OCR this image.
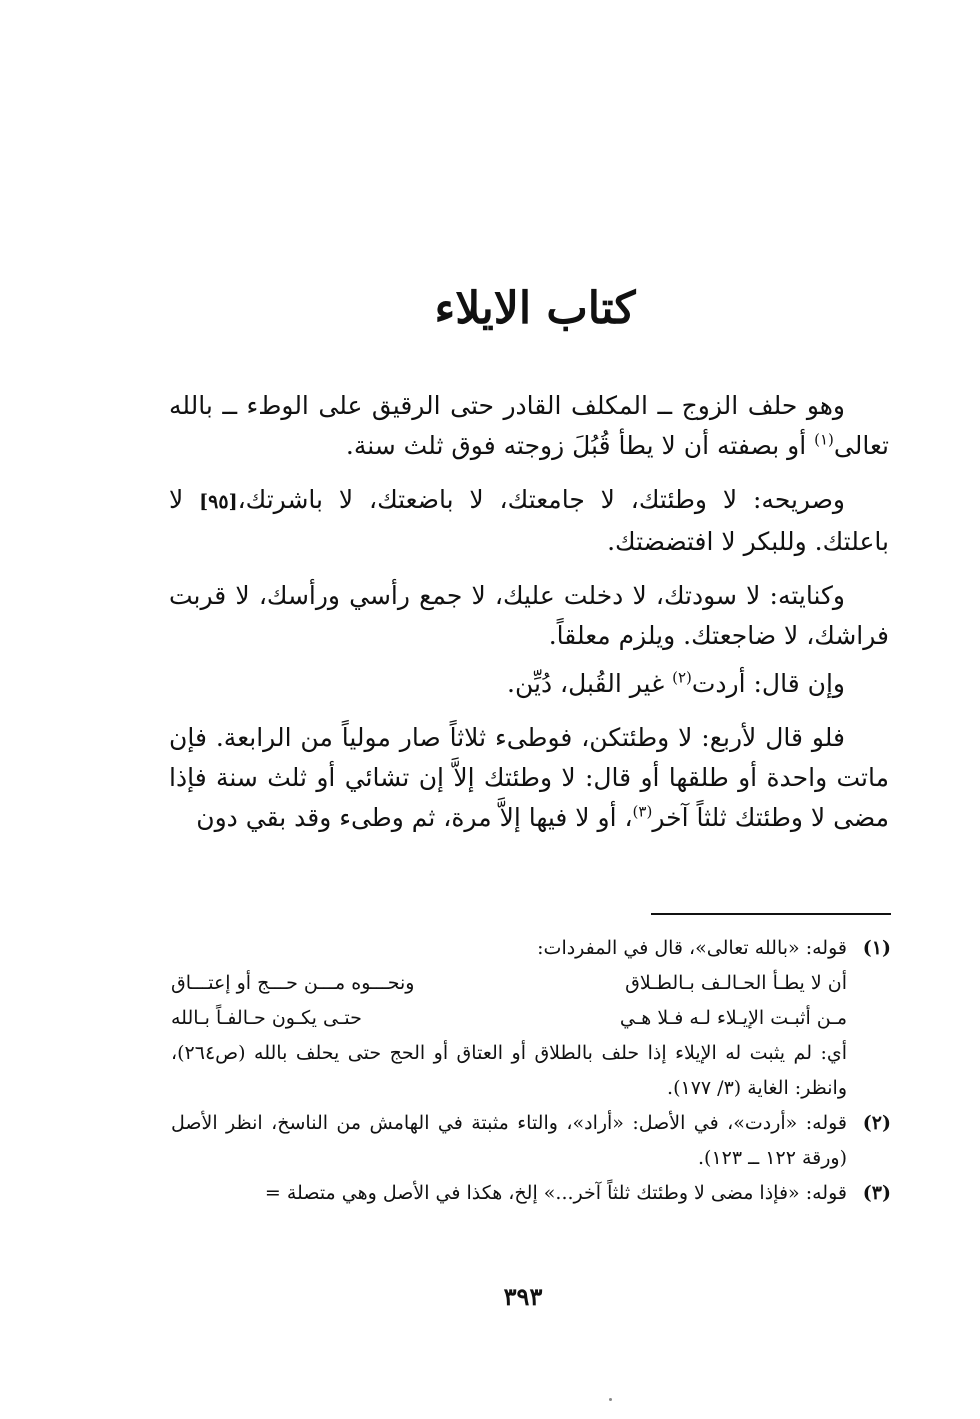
كتاب الايلاء

وهو حلف الزوج ــ المكلف القادر حتى الرقيق على الوطء ــ بالله تعالى$^{(١)}$ أو بصفته أن لا يطأ قُبُلَ زوجته فوق ثلث سنة.

وصريحه: لا وطئتك، لا جامعتك، لا باضعتك، لا باشرتك،[٩٥] لا باعلتك. وللبكر لا افتضضتك.

وكنايته: لا سودتك، لا دخلت عليك، لا جمع رأسي ورأسك، لا قربت فراشك، لا ضاجعتك. ويلزم معلقاً.

وإن قال: أردت$^{(٢)}$ غير القُبل، دُيِّن.

فلو قال لأربع: لا وطئتكن، فوطىء ثلاثاً صار مولياً من الرابعة. فإن ماتت واحدة أو طلقها أو قال: لا وطئتك إلاَّ إن تشائي أو ثلث سنة فإذا مضى لا وطئتك ثلثاً آخر$^{(٣)}$، أو لا فيها إلاَّ مرة، ثم وطىء وقد بقي دون

(١)
قوله: «بالله تعالى»، قال في المفردات:
أن لا يطـأ الحـالـف بـالطـلاق
ونحـــوه مـــن حـــج أو إعتـــاق
مـن أثبـت الإيـلاء لـه فـلا هـي
حتـى يكـون حـالفـاً بـالله
أي: لم يثبت له الإيلاء إذا حلف بالطلاق أو العتاق أو الحج حتى يحلف بالله (ص٢٦٤)، وانظر: الغاية (٣/ ١٧٧).
(٢)
قوله: «أردت»، في الأصل: «أراد»، والتاء مثبتة في الهامش من الناسخ، انظر الأصل (ورقة ١٢٢ ــ ١٢٣).
(٣)
قوله: «فإذا مضى لا وطئتك ثلثاً آخر...» إلخ، هكذا في الأصل وهي متصلة =
٣٩٣
